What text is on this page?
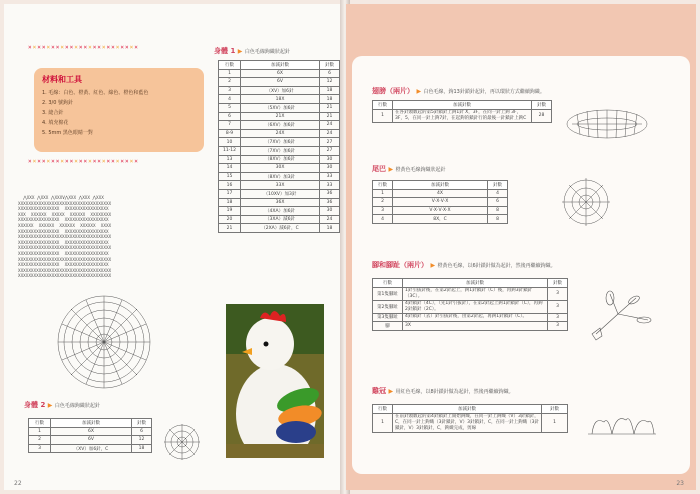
××××××××××××××××××××××××
××××××××××××××××××××××××
材料和工具
1. 毛線：白色、橙黃、紅色、綠色、橙色和藍色
2. 3/0 號鉤針
3. 縫合針
4. 填充棉花
5. 5mm 黑色眼睛一對
身體 1 ▶ 白色毛線鉤織狀起針
行數	加減針數	針數
1	6X	6
2	6V	12
3	（XV）加6針	18
4	18X	18
5	（5XV）加6針	21
6	21X	21
7	（6XV）加6針	24
8-9	24X	24
10	（7XV）加6針	27
11-12	（7XV）加6針	27
13	（8XV）加6針	30
14	30X	30
15	（8XV）加3針	33
16	33X	33
17	（10XV）加3針	36
18	36X	36
19	（4XA）加6針	30
20	（3XA）減6針	24
21	（2XA）減6針，C	18
⋀XXX ⋀XXX ⋀XXXV⋀XXX ⋀XXX ⋀XXX
XXXXXXXXXXXXXXXXXXXXXXXXXXXXXXXXXXXX
XXXXXXXXXXXXXXXX  XXXXXXXXXXXXXXXXX
XXX  XXXXXX  XXXXX  XXXXXX  XXXXXXXX
XXXXXXXXXXXXXXXX  XXXXXXXXXXXXXXXXX
XXXXXX  XXXXXX  XXXXXX  XXXXXX  XXXX
XXXXXXXXXXXXXXXX  XXXXXXXXXXXXXXXXX
XXXXXXXXXXXXXXXXXXXXXXXXXXXXXXXXXXXX
XXXXXXXXXXXXXXXX  XXXXXXXXXXXXXXXXX
XXXXXXXXXXXXXXXXXXXXXXXXXXXXXXXXXXXX
XXXXXXXXXXXXXXXX  XXXXXXXXXXXXXXXXX
XXXXXXXXXXXXXXXXXXXXXXXXXXXXXXXXXXXX
XXXXXXXXXXXXXXXX  XXXXXXXXXXXXXXXXX
XXXXXXXXXXXXXXXXXXXXXXXXXXXXXXXXXXXX
XXXXXXXXXXXXXXXXXXXXXXXXXXXXXXXXXXXX
身體 2 ▶ 白色毛線鉤織狀起針
行數	加減針數	針數
1	6X	6
2	6V	12
3	（XV）加6針，C	18
22
翅膀（兩片） ▶ 白色毛線，鉤13針鎖針起針，再以環狀方式繼續鉤織。
行數	加減針數	針數
1	在各針頭數起的第5針鎖針上鉤1針 X，3F，在同一針上鉤 3F，3F，5，在同一針上鉤7針，在起鉤的鎖針行的最後一針鎖針上鉤C	28
尾巴 ▶ 橙黃色毛線鉤織狀起針
行數	加減針數	針數
1	4X	4
2	V·X·V·X	6
3	V·X·V·X·X	8
4	8X，C	8
腳和腳趾（兩片） ▶ 橙黃色毛線，以6針鎖針做為起針，然後再繼續鉤織。
行數	加減針數	針數
第1隻腳趾	1針引拔針後，在第2針起上，鉤1針鎖針（C）後，再鉤3針鎖針（3C）。	3
第2隻腳趾	4針鎖針（4C），（先1針引拔針），在第2針起上鉤1針鎖針（C），再鉤2針鎖針（2C）。	3
第3隻腳趾	4針鎖針（去）針引拔針後，由第2針起，再鉤1針鎖針（C）。	3
腳	3X	3
雞冠 ▶ 用紅色毛線，以8針鎖針做為起針，然後再繼續鉤織。
行數	加減針數	針數
1	在前針頭數起的第4針鎖針上開始鉤織，在同一針上鉤織（V）3針鎖針，C，在同一針上鉤織（3針鎖針，V）3針鎖針，C，在同一針上鉤織（3針鎖針，V）3針鎖針，C，鉤織完成，剪線	1
23
